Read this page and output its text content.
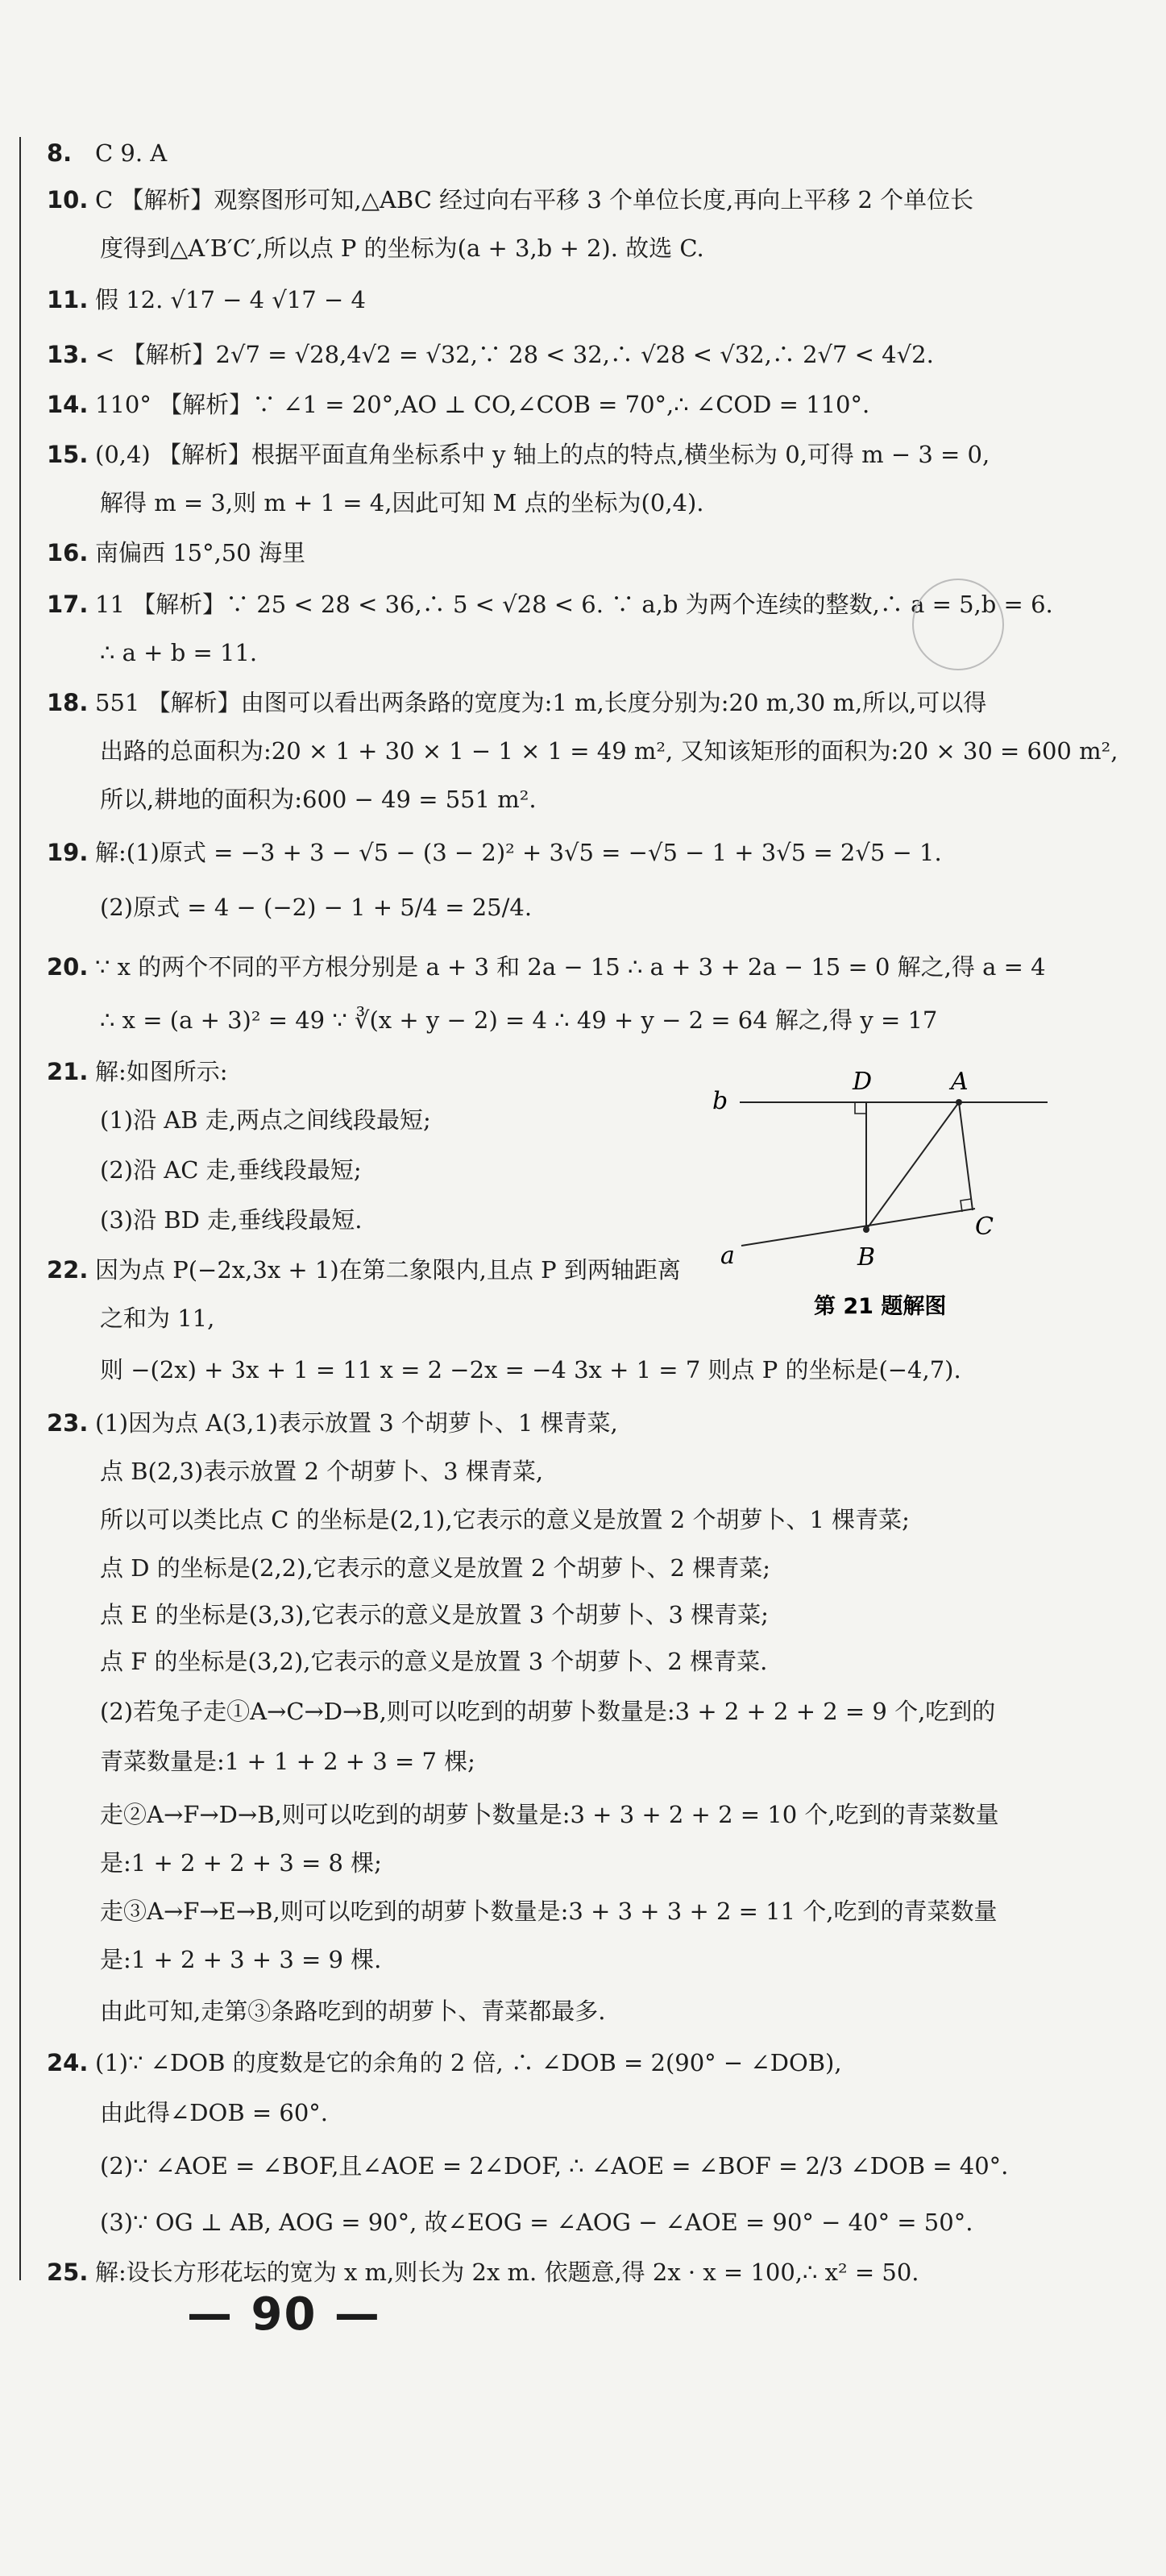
8. C 9. A
10. C 【解析】观察图形可知,△ABC 经过向右平移 3 个单位长度,再向上平移 2 个单位长
度得到△A′B′C′,所以点 P 的坐标为(a + 3,b + 2). 故选 C.
11. 假 12. √17 − 4 √17 − 4
13. < 【解析】2√7 = √28,4√2 = √32,∵ 28 < 32,∴ √28 < √32,∴ 2√7 < 4√2.
14. 110° 【解析】∵ ∠1 = 20°,AO ⊥ CO,∠COB = 70°,∴ ∠COD = 110°.
15. (0,4) 【解析】根据平面直角坐标系中 y 轴上的点的特点,横坐标为 0,可得 m − 3 = 0,
解得 m = 3,则 m + 1 = 4,因此可知 M 点的坐标为(0,4).
16. 南偏西 15°,50 海里
17. 11 【解析】∵ 25 < 28 < 36,∴ 5 < √28 < 6. ∵ a,b 为两个连续的整数,∴ a = 5,b = 6.
∴ a + b = 11.
18. 551 【解析】由图可以看出两条路的宽度为:1 m,长度分别为:20 m,30 m,所以,可以得
出路的总面积为:20 × 1 + 30 × 1 − 1 × 1 = 49 m², 又知该矩形的面积为:20 × 30 = 600 m²,
所以,耕地的面积为:600 − 49 = 551 m².
19. 解:(1)原式 = −3 + 3 − √5 − (3 − 2)² + 3√5 = −√5 − 1 + 3√5 = 2√5 − 1.
(2)原式 = 4 − (−2) − 1 + 5/4 = 25/4.
20. ∵ x 的两个不同的平方根分别是 a + 3 和 2a − 15 ∴ a + 3 + 2a − 15 = 0 解之,得 a = 4
∴ x = (a + 3)² = 49 ∵ ∛(x + y − 2) = 4 ∴ 49 + y − 2 = 64 解之,得 y = 17
21. 解:如图所示:
(1)沿 AB 走,两点之间线段最短;
(2)沿 AC 走,垂线段最短;
(3)沿 BD 走,垂线段最短.
22. 因为点 P(−2x,3x + 1)在第二象限内,且点 P 到两轴距离
之和为 11,
则 −(2x) + 3x + 1 = 11 x = 2 −2x = −4 3x + 1 = 7 则点 P 的坐标是(−4,7).
23. (1)因为点 A(3,1)表示放置 3 个胡萝卜、1 棵青菜,
点 B(2,3)表示放置 2 个胡萝卜、3 棵青菜,
所以可以类比点 C 的坐标是(2,1),它表示的意义是放置 2 个胡萝卜、1 棵青菜;
点 D 的坐标是(2,2),它表示的意义是放置 2 个胡萝卜、2 棵青菜;
点 E 的坐标是(3,3),它表示的意义是放置 3 个胡萝卜、3 棵青菜;
点 F 的坐标是(3,2),它表示的意义是放置 3 个胡萝卜、2 棵青菜.
(2)若兔子走①A→C→D→B,则可以吃到的胡萝卜数量是:3 + 2 + 2 + 2 = 9 个,吃到的
青菜数量是:1 + 1 + 2 + 3 = 7 棵;
走②A→F→D→B,则可以吃到的胡萝卜数量是:3 + 3 + 2 + 2 = 10 个,吃到的青菜数量
是:1 + 2 + 2 + 3 = 8 棵;
走③A→F→E→B,则可以吃到的胡萝卜数量是:3 + 3 + 3 + 2 = 11 个,吃到的青菜数量
是:1 + 2 + 3 + 3 = 9 棵.
由此可知,走第③条路吃到的胡萝卜、青菜都最多.
24. (1)∵ ∠DOB 的度数是它的余角的 2 倍, ∴ ∠DOB = 2(90° − ∠DOB),
由此得∠DOB = 60°.
(2)∵ ∠AOE = ∠BOF,且∠AOE = 2∠DOF, ∴ ∠AOE = ∠BOF = 2/3 ∠DOB = 40°.
(3)∵ OG ⊥ AB, AOG = 90°, 故∠EOG = ∠AOG − ∠AOE = 90° − 40° = 50°.
25. 解:设长方形花坛的宽为 x m,则长为 2x m. 依题意,得 2x · x = 100,∴ x² = 50.
b
D	A
C
a	B
第 21 题解图
— 90 —
